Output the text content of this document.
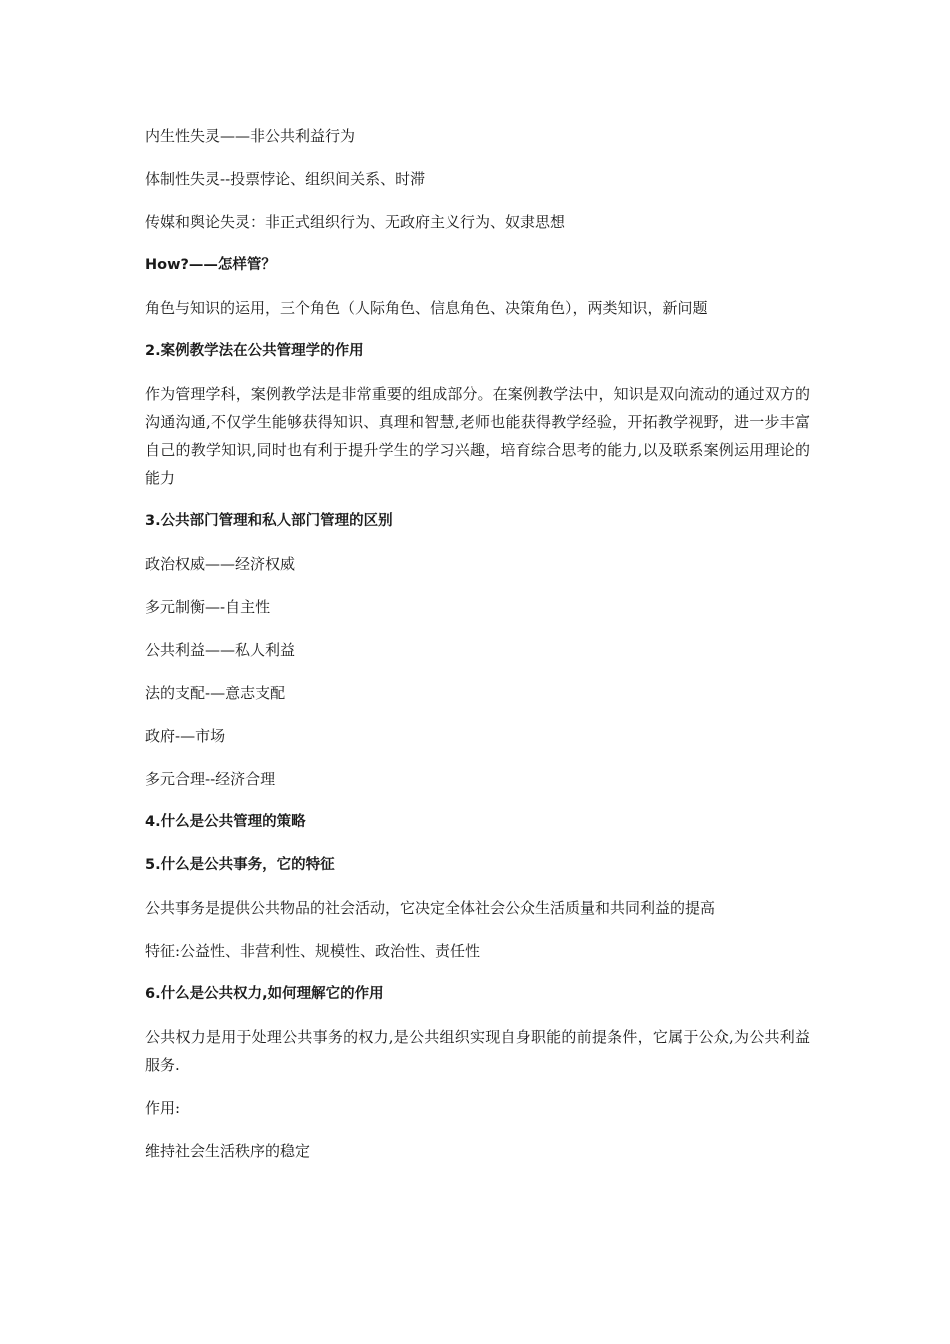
内生性失灵——非公共利益行为

体制性失灵--投票悖论、组织间关系、时滞

传媒和舆论失灵：非正式组织行为、无政府主义行为、奴隶思想

How?——怎样管？

角色与知识的运用，三个角色（人际角色、信息角色、决策角色），两类知识，新问题

2.案例教学法在公共管理学的作用

作为管理学科，案例教学法是非常重要的组成部分。在案例教学法中，知识是双向流动的通过双方的沟通沟通,不仅学生能够获得知识、真理和智慧,老师也能获得教学经验，开拓教学视野，进一步丰富自己的教学知识,同时也有利于提升学生的学习兴趣，培育综合思考的能力,以及联系案例运用理论的能力

3.公共部门管理和私人部门管理的区别

政治权威——经济权威

多元制衡—-自主性

公共利益——私人利益

法的支配-—意志支配

政府-—市场

多元合理--经济合理

4.什么是公共管理的策略

5.什么是公共事务，它的特征

公共事务是提供公共物品的社会活动，它决定全体社会公众生活质量和共同利益的提高

特征:公益性、非营利性、规模性、政治性、责任性

6.什么是公共权力,如何理解它的作用

公共权力是用于处理公共事务的权力,是公共组织实现自身职能的前提条件，它属于公众,为公共利益服务.

作用:

维持社会生活秩序的稳定
